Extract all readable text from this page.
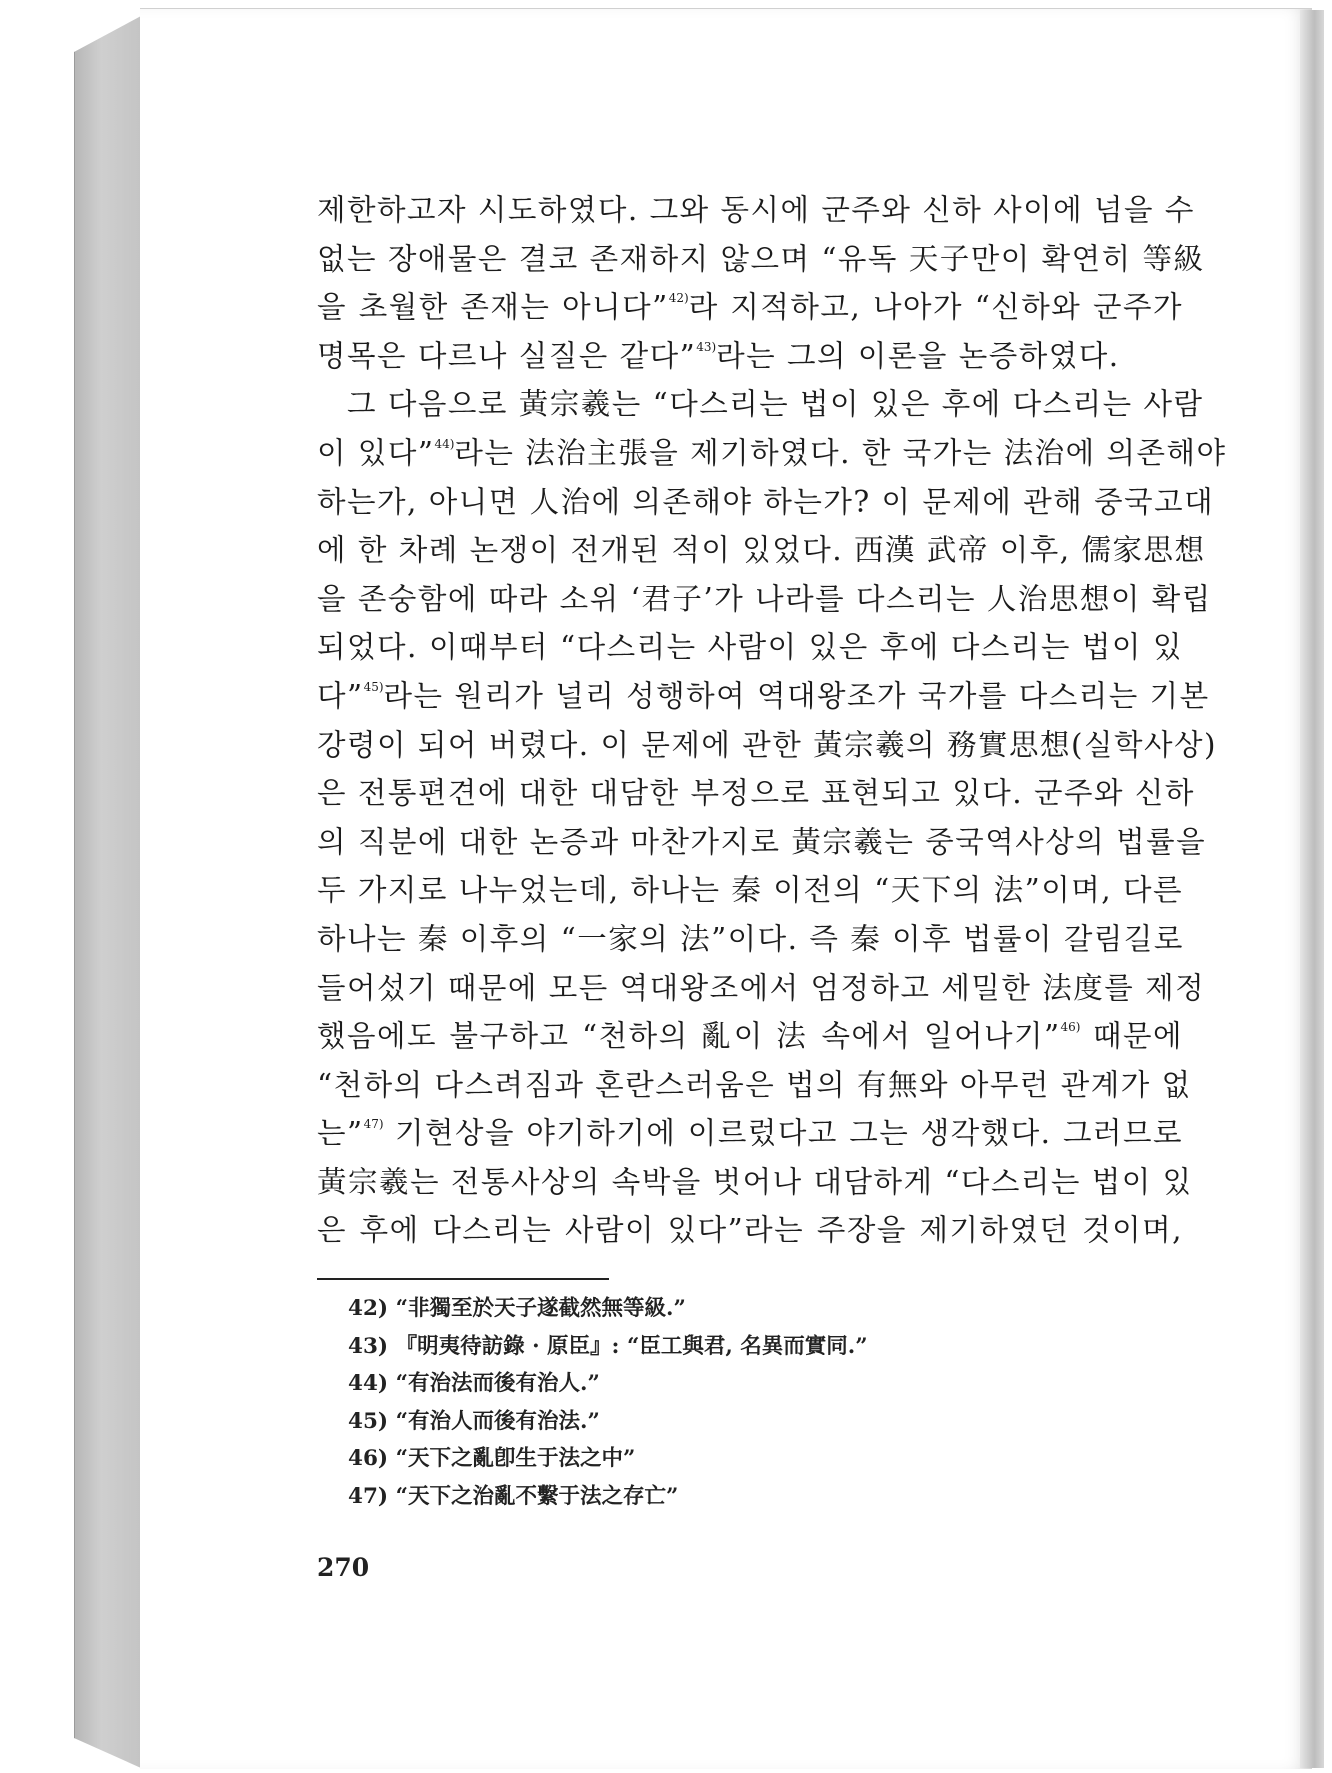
제한하고자 시도하였다. 그와 동시에 군주와 신하 사이에 넘을 수
없는 장애물은 결코 존재하지 않으며 “유독 天子만이 확연히 等級
을 초월한 존재는 아니다”$^{42)}$라 지적하고, 나아가 “신하와 군주가
명목은 다르나 실질은 같다”$^{43)}$라는 그의 이론을 논증하였다.
그 다음으로 黃宗羲는 “다스리는 법이 있은 후에 다스리는 사람
이 있다”$^{44)}$라는 法治主張을 제기하였다. 한 국가는 法治에 의존해야
하는가, 아니면 人治에 의존해야 하는가? 이 문제에 관해 중국고대
에 한 차례 논쟁이 전개된 적이 있었다. 西漢 武帝 이후, 儒家思想
을 존숭함에 따라 소위 ‘君子’가 나라를 다스리는 人治思想이 확립
되었다. 이때부터 “다스리는 사람이 있은 후에 다스리는 법이 있
다”$^{45)}$라는 원리가 널리 성행하여 역대왕조가 국가를 다스리는 기본
강령이 되어 버렸다. 이 문제에 관한 黃宗羲의 務實思想(실학사상)
은 전통편견에 대한 대담한 부정으로 표현되고 있다. 군주와 신하
의 직분에 대한 논증과 마찬가지로 黃宗羲는 중국역사상의 법률을
두 가지로 나누었는데, 하나는 秦 이전의 “天下의 法”이며, 다른
하나는 秦 이후의 “一家의 法”이다. 즉 秦 이후 법률이 갈림길로
들어섰기 때문에 모든 역대왕조에서 엄정하고 세밀한 法度를 제정
했음에도 불구하고 “천하의 亂이 法 속에서 일어나기”$^{46)}$ 때문에
“천하의 다스려짐과 혼란스러움은 법의 有無와 아무런 관계가 없
는”$^{47)}$ 기현상을 야기하기에 이르렀다고 그는 생각했다. 그러므로
黃宗羲는 전통사상의 속박을 벗어나 대담하게 “다스리는 법이 있
은 후에 다스리는 사람이 있다”라는 주장을 제기하였던 것이며,
42) “非獨至於天子遂截然無等級.”
43) 『明夷待訪錄 · 原臣』: “臣工與君, 名異而實同.”
44) “有治法而後有治人.”
45) “有治人而後有治法.”
46) “天下之亂卽生于法之中”
47) “天下之治亂不繫于法之存亡”
270
